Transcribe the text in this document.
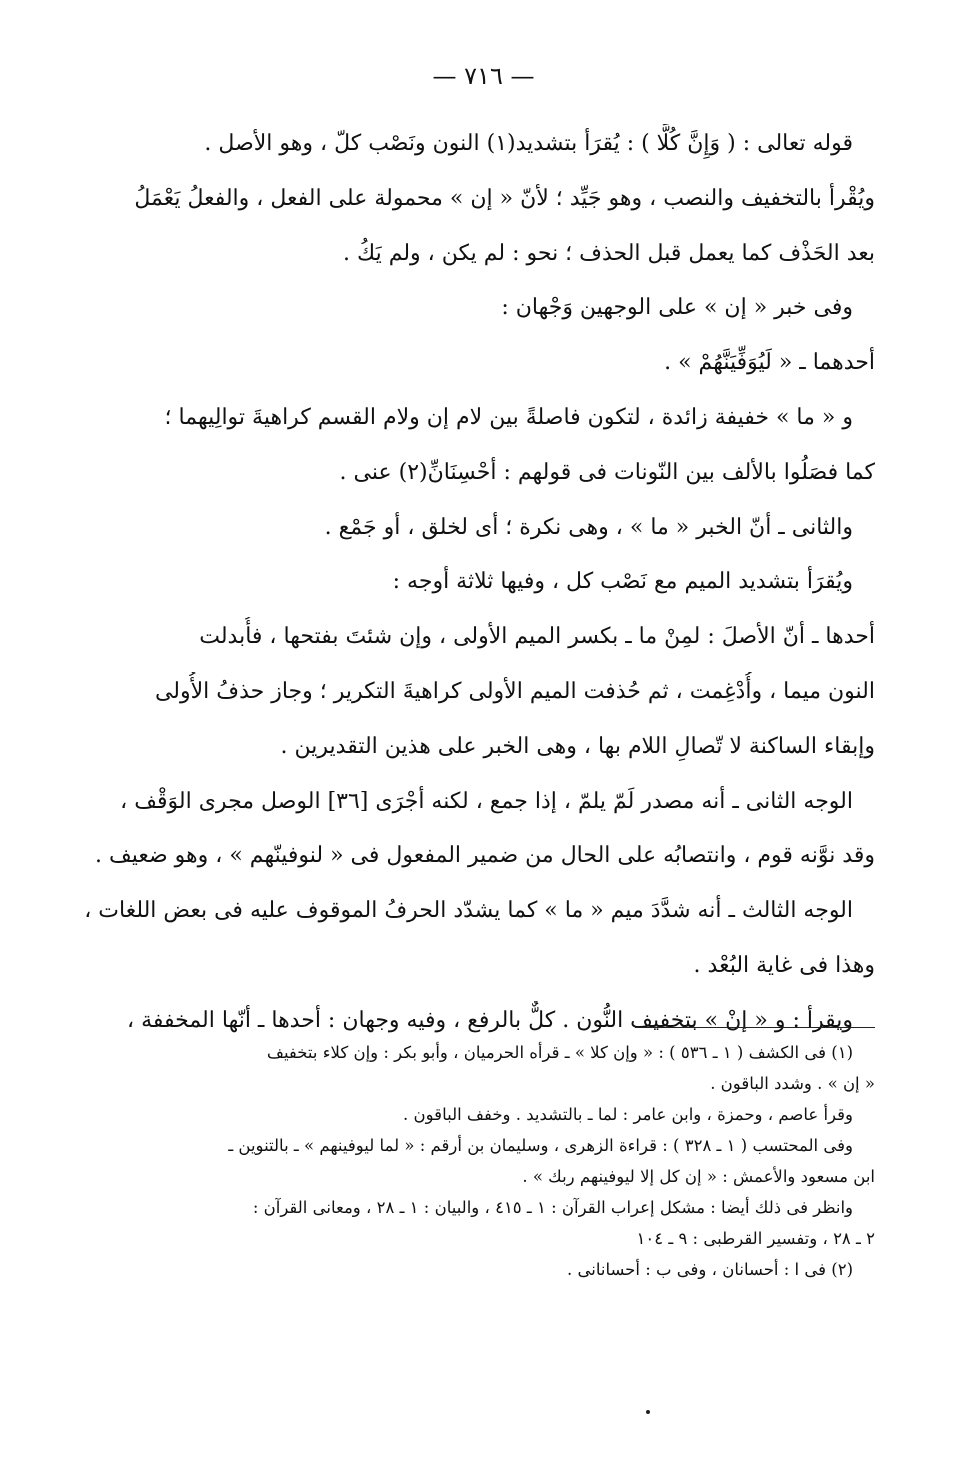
— ٧١٦ —
قوله تعالى : ( وَإِنَّ كُلًّا ) : يُقرَأ بتشديد(١) النون ونَصْب كلّ ، وهو الأصل .
ويُقْرأ بالتخفيف والنصب ، وهو جَيِّد ؛ لأنّ « إن » محمولة على الفعل ، والفعلُ يَعْمَلُ
بعد الحَذْف كما يعمل قبل الحذف ؛ نحو : لم يكن ، ولم يَكُ .
وفى خبر « إن » على الوجهين وَجْهان :
أحدهما ـ « لَيُوَفِّيَنَّهُمْ » .
و « ما » خفيفة زائدة ، لتكون فاصلةً بين لام إن ولام القسم كراهيةَ توالِيهما ؛
كما فصَلُوا بالألف بين النّونات فى قولهم : أحْسِنَانِّ(٢) عنى .
والثانى ـ أنّ الخبر « ما » ، وهى نكرة ؛ أى لخلق ، أو جَمْع .
ويُقرَأ بتشديد الميم مع نَصْب كل ، وفيها ثلاثة أوجه :
أحدها ـ أنّ الأصلَ : لمِنْ ما ـ بكسر الميم الأولى ، وإن شئتَ بفتحها ، فأُبدلت
النون ميما ، وأُدْغِمت ، ثم حُذفت الميم الأولى كراهيةَ التكرير ؛ وجاز حذفُ الأُولى
وإبقاء الساكنة لا تّصالِ اللام بها ، وهى الخبر على هذين التقديرين .
الوجه الثانى ـ أنه مصدر لَمّ يلمّ ، إذا جمع ، لكنه أجْرَى [٣٦] الوصل مجرى الوَقْف ،
وقد نوَّنه قوم ، وانتصابُه على الحال من ضمير المفعول فى « لنوفينّهم » ، وهو ضعيف .
الوجه الثالث ـ أنه شدَّدَ ميم « ما » كما يشدّد الحرفُ الموقوف عليه فى بعض اللغات ،
وهذا فى غاية البُعْد .
ويقرأ : و « إنْ » بتخفيف النُّون . كلٌّ بالرفع ، وفيه وجهان : أحدها ـ أنّها المخففة ،
(١) فى الكشف ( ١ ـ ٥٣٦ ) : « وإن كلا » ـ قرأه الحرميان ، وأبو بكر : وإن كلاء بتخفيف
« إن » . وشدد الباقون .
وقرأ عاصم ، وحمزة ، وابن عامر : لما ـ بالتشديد . وخفف الباقون .
وفى المحتسب ( ١ ـ ٣٢٨ ) : قراءة الزهرى ، وسليمان بن أرقم : « لما ليوفينهم » ـ بالتنوين ـ
ابن مسعود والأعمش : « إن كل إلا ليوفينهم ربك » .
وانظر فى ذلك أيضا : مشكل إعراب القرآن : ١ ـ ٤١٥ ، والبيان : ١ ـ ٢٨ ، ومعانى القرآن :
٢ ـ ٢٨ ، وتفسير القرطبى : ٩ ـ ١٠٤
(٢) فى ا : أحسانان ، وفى ب : أحسانانى .
